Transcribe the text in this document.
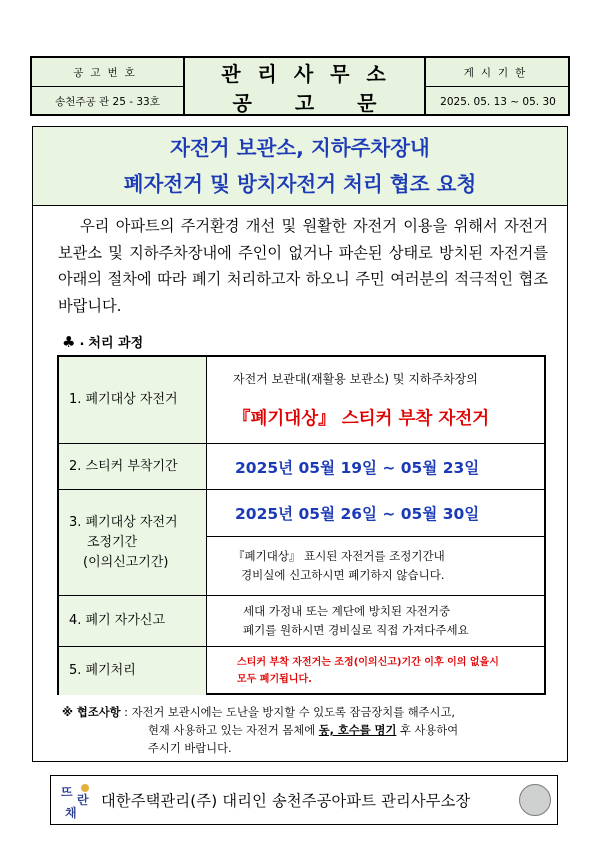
공고번호
송천주공 관 25 - 33호
관 리 사 무 소
공 고 문
게시기한
2025. 05. 13 ~ 05. 30
자전거 보관소, 지하주차장내
폐자전거 및 방치자전거 처리 협조 요청
우리 아파트의 주거환경 개선 및 원활한 자전거 이용을 위해서 자전거 보관소 및 지하주차장내에 주인이 없거나 파손된 상태로 방치된 자전거를 아래의 절차에 따라 폐기 처리하고자 하오니 주민 여러분의 적극적인 협조 바랍니다.
♣ . 처리 과정
1. 폐기대상 자전거
자전거 보관대(재활용 보관소) 및 지하주차장의
『폐기대상』 스티커 부착 자전거
2. 스티커 부착기간	2025년 05월 19일 ~ 05월 23일
3. 폐기대상 자전거
조정기간
(이의신고기간)
2025년 05월 26일 ~ 05월 30일
『폐기대상』 표시된 자전거를 조정기간내
경비실에 신고하시면 폐기하지 않습니다.
4. 폐기 자가신고
세대 가정내 또는 계단에 방치된 자전거중
폐기를 원하시면 경비실로 직접 가져다주세요
5. 폐기처리
스티커 부착 자전거는 조정(이의신고)기간 이후 이의 없을시
모두 폐기됩니다.
※ 협조사항 : 자전거 보관시에는 도난을 방지할 수 있도록 잠금장치를 해주시고,
현재 사용하고 있는 자전거 몸체에 동, 호수를 명기 후 사용하여
주시기 바랍니다.
뜨
란
채
대한주택관리(주) 대리인 송천주공아파트 관리사무소장
